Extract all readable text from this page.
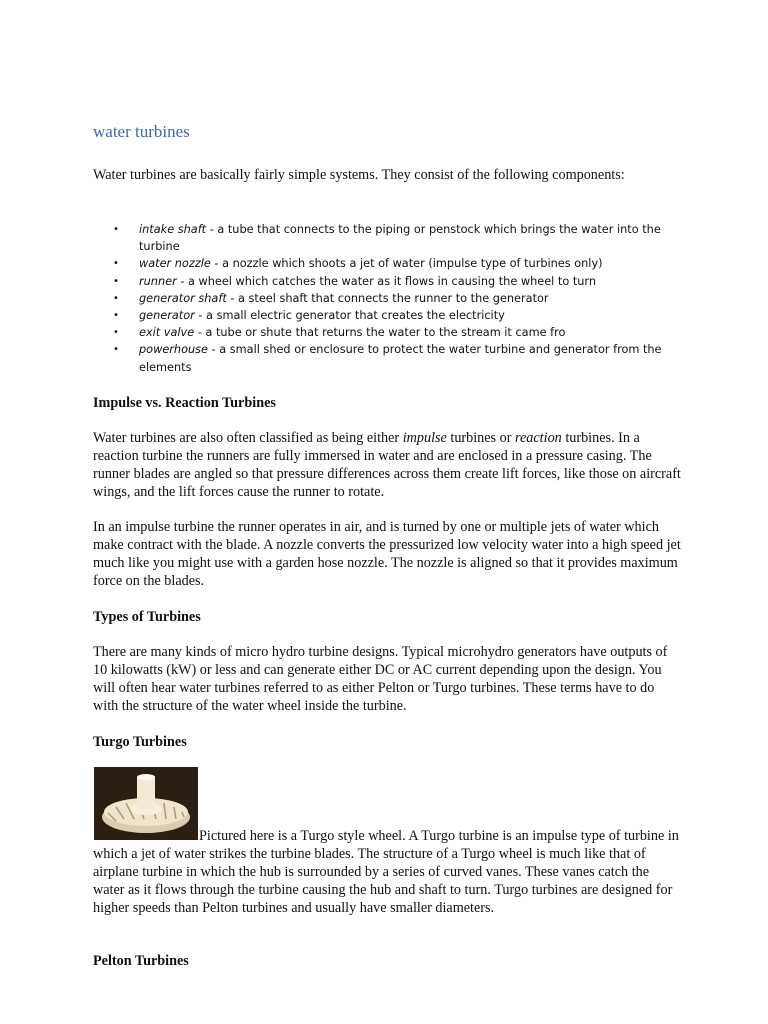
water turbines

Water turbines are basically fairly simple systems. They consist of the following components:

• intake shaft - a tube that connects to the piping or penstock which brings the water into the turbine
• water nozzle - a nozzle which shoots a jet of water (impulse type of turbines only)
• runner - a wheel which catches the water as it flows in causing the wheel to turn
• generator shaft - a steel shaft that connects the runner to the generator
• generator - a small electric generator that creates the electricity
• exit valve - a tube or shute that returns the water to the stream it came fro
• powerhouse - a small shed or enclosure to protect the water turbine and generator from the elements
Impulse vs. Reaction Turbines

Water turbines are also often classified as being either impulse turbines or reaction turbines. In a reaction turbine the runners are fully immersed in water and are enclosed in a pressure casing. The runner blades are angled so that pressure differences across them create lift forces, like those on aircraft wings, and the lift forces cause the runner to rotate.

In an impulse turbine the runner operates in air, and is turned by one or multiple jets of water which make contract with the blade. A nozzle converts the pressurized low velocity water into a high speed jet much like you might use with a garden hose nozzle. The nozzle is aligned so that it provides maximum force on the blades.

Types of Turbines

There are many kinds of micro hydro turbine designs. Typical microhydro generators have outputs of 10 kilowatts (kW) or less and can generate either DC or AC current depending upon the design. You will often hear water turbines referred to as either Pelton or Turgo turbines. These terms have to do with the structure of the water wheel inside the turbine.

Turgo Turbines

Pictured here is a Turgo style wheel. A Turgo turbine is an impulse type of turbine in which a jet of water strikes the turbine blades. The structure of a Turgo wheel is much like that of airplane turbine in which the hub is surrounded by a series of curved vanes. These vanes catch the water as it flows through the turbine causing the hub and shaft to turn. Turgo turbines are designed for higher speeds than Pelton turbines and usually have smaller diameters.

Pelton Turbines
